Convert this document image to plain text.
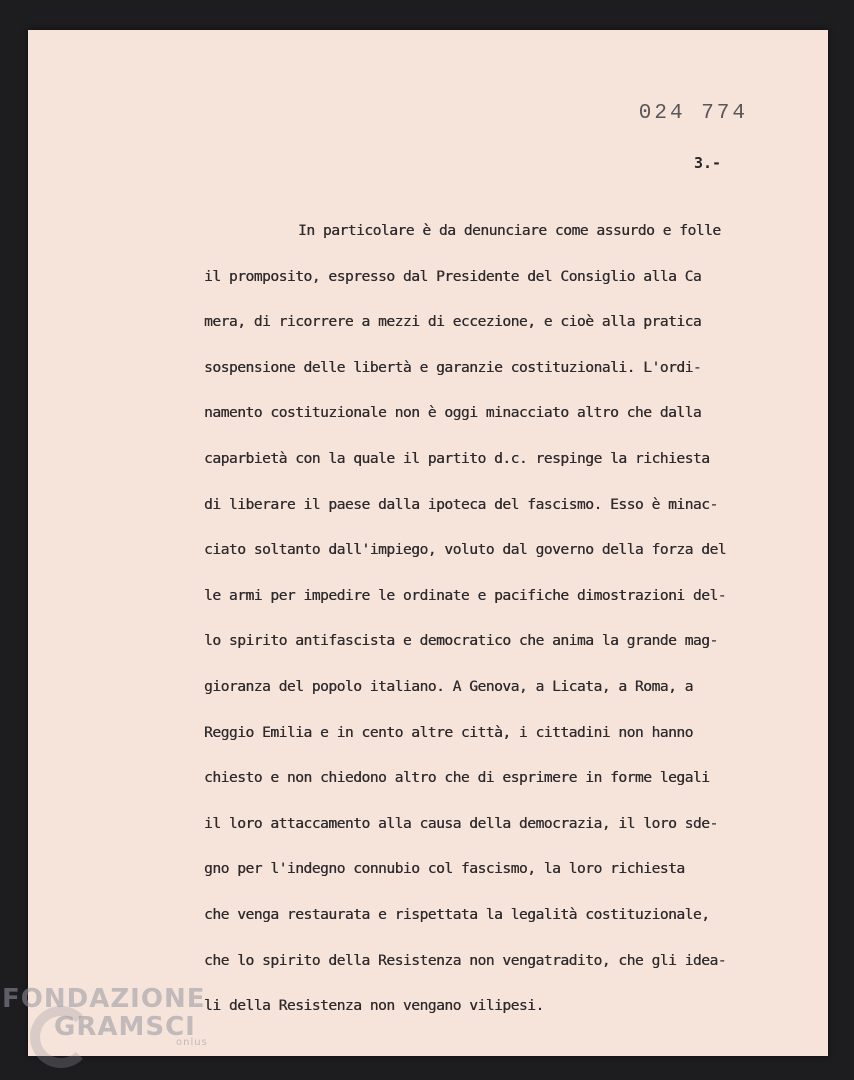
024 774
3.-
In particolare è da denunciare come assurdo e folle
il promposito, espresso dal Presidente del Consiglio alla Ca
mera, di ricorrere a mezzi di eccezione, e cioè alla pratica
sospensione delle libertà e garanzie costituzionali. L'ordi-
namento costituzionale non è oggi minacciato altro che dalla
caparbietà con la quale il partito d.c. respinge la richiesta
di liberare il paese dalla ipoteca del fascismo. Esso è minac-
ciato soltanto dall'impiego, voluto dal governo della forza del
le armi per impedire le ordinate e pacifiche dimostrazioni del-
lo spirito antifascista e democratico che anima la grande mag-
gioranza del popolo italiano. A Genova, a Licata, a Roma, a
Reggio Emilia e in cento altre città, i cittadini non hanno
chiesto e non chiedono altro che di esprimere in forme legali
il loro attaccamento alla causa della democrazia, il loro sde-
gno per l'indegno connubio col fascismo, la loro richiesta
che venga restaurata e rispettata la legalità costituzionale,
che lo spirito della Resistenza non vengatradito, che gli idea-
li della Resistenza non vengano vilipesi.
FONDAZIONE
GRAMSCI
onlus
